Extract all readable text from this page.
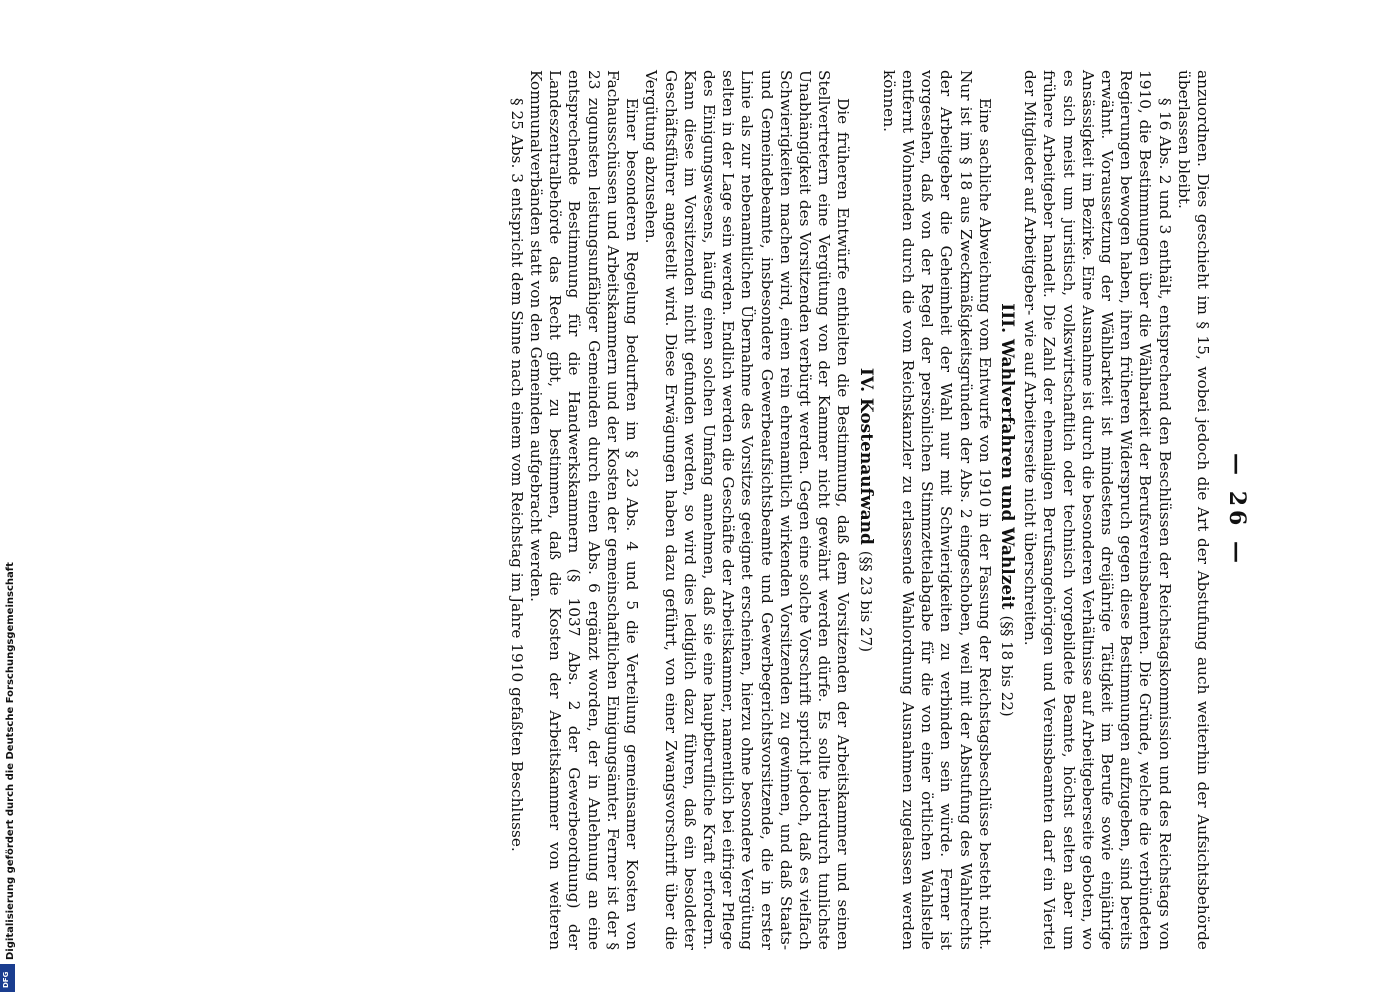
— 26 —

anzuordnen. Dies geschieht im § 15, wobei jedoch die Art der Abstufung auch weiterhin der Aufsichtsbehörde überlassen bleibt.

§ 16 Abs. 2 und 3 enthält, entsprechend den Beschlüssen der Reichstagskommission und des Reichstags von 1910, die Bestimmungen über die Wählbarkeit der Berufsvereinsbeamten. Die Gründe, welche die verbündeten Regierungen bewogen haben, ihren früheren Widerspruch gegen diese Bestimmungen aufzugeben, sind bereits erwähnt. Voraussetzung der Wählbarkeit ist mindestens dreijährige Tätigkeit im Berufe sowie einjährige Ansässigkeit im Bezirke. Eine Ausnahme ist durch die besonderen Verhältnisse auf Arbeitgeberseite geboten, wo es sich meist um juristisch, volkswirtschaftlich oder technisch vorgebildete Beamte, höchst selten aber um frühere Arbeitgeber handelt. Die Zahl der ehemaligen Berufsangehörigen und Vereinsbeamten darf ein Viertel der Mitglieder auf Arbeitgeber- wie auf Arbeiterseite nicht überschreiten.

III. Wahlverfahren und Wahlzeit (§§ 18 bis 22)

Eine sachliche Abweichung vom Entwurfe von 1910 in der Fassung der Reichstagsbeschlüsse besteht nicht. Nur ist im § 18 aus Zweckmäßigkeitsgründen der Abs. 2 eingeschoben, weil mit der Abstufung des Wahlrechts der Arbeitgeber die Geheimheit der Wahl nur mit Schwierigkeiten zu verbinden sein würde. Ferner ist vorgesehen, daß von der Regel der persönlichen Stimmzettelabgabe für die von einer örtlichen Wahlstelle entfernt Wohnenden durch die vom Reichskanzler zu erlassende Wahlordnung Ausnahmen zugelassen werden können.

IV. Kostenaufwand (§§ 23 bis 27)

Die früheren Entwürfe enthielten die Bestimmung, daß dem Vorsitzenden der Arbeitskammer und seinen Stellvertretern eine Vergütung von der Kammer nicht gewährt werden dürfe. Es sollte hierdurch tunlichste Unabhängigkeit des Vorsitzenden verbürgt werden. Gegen eine solche Vorschrift spricht jedoch, daß es vielfach Schwierigkeiten machen wird, einen rein ehrenamtlich wirkenden Vorsitzenden zu gewinnen, und daß Staats- und Gemeindebeamte, insbesondere Gewerbeaufsichtsbeamte und Gewerbegerichtsvorsitzende, die in erster Linie als zur nebenamtlichen Übernahme des Vorsitzes geeignet erscheinen, hierzu ohne besondere Vergütung selten in der Lage sein werden. Endlich werden die Geschäfte der Arbeitskammer, namentlich bei eifriger Pflege des Einigungswesens, häufig einen solchen Umfang annehmen, daß sie eine hauptberufliche Kraft erfordern. Kann diese im Vorsitzenden nicht gefunden werden, so wird dies lediglich dazu führen, daß ein besoldeter Geschäftsführer angestellt wird. Diese Erwägungen haben dazu geführt, von einer Zwangsvorschrift über die Vergütung abzusehen.

Einer besonderen Regelung bedurften im § 23 Abs. 4 und 5 die Verteilung gemeinsamer Kosten von Fachausschüssen und Arbeitskammern und der Kosten der gemeinschaftlichen Einigungsämter. Ferner ist der § 23 zugunsten leistungsunfähiger Gemeinden durch einen Abs. 6 ergänzt worden, der in Anlehnung an eine entsprechende Bestimmung für die Handwerkskammern (§ 1037 Abs. 2 der Gewerbeordnung) der Landeszentralbehörde das Recht gibt, zu bestimmen, daß die Kosten der Arbeitskammer von weiteren Kommunalverbänden statt von den Gemeinden aufgebracht werden.

§ 25 Abs. 3 entspricht dem Sinne nach einem vom Reichstag im Jahre 1910 gefaßten Beschlusse.

Digitalisierung gefördert durch die Deutsche Forschungsgemeinschaft
DFG
